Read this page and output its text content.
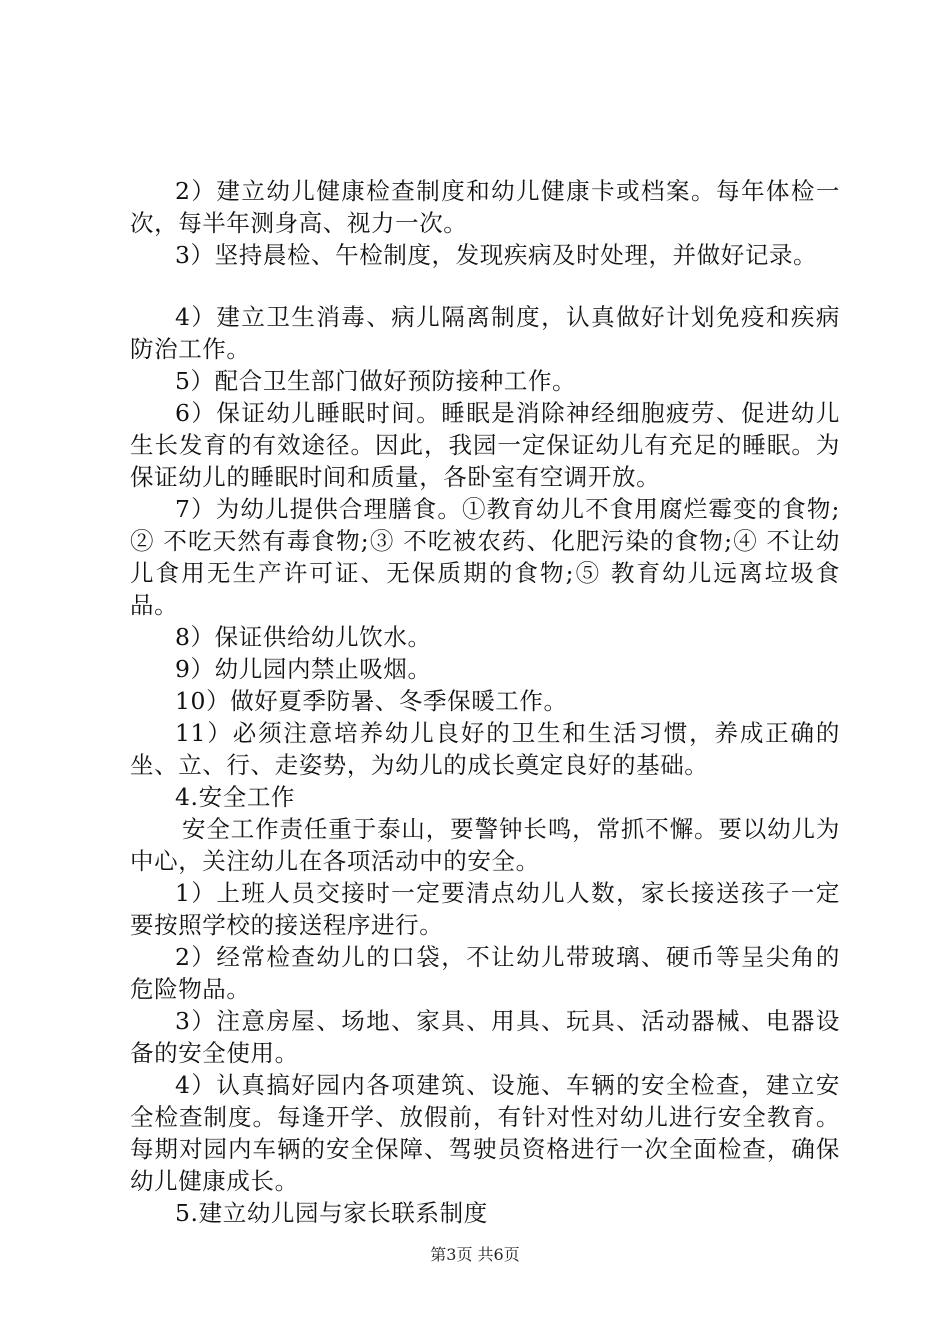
2）建立幼儿健康检查制度和幼儿健康卡或档案。每年体检一次，每半年测身高、视力一次。

3）坚持晨检、午检制度，发现疾病及时处理，并做好记录。

4）建立卫生消毒、病儿隔离制度，认真做好计划免疫和疾病防治工作。

5）配合卫生部门做好预防接种工作。

6）保证幼儿睡眠时间。睡眠是消除神经细胞疲劳、促进幼儿生长发育的有效途径。因此，我园一定保证幼儿有充足的睡眠。为保证幼儿的睡眠时间和质量，各卧室有空调开放。

7）为幼儿提供合理膳食。①教育幼儿不食用腐烂霉变的食物;② 不吃天然有毒食物;③ 不吃被农药、化肥污染的食物;④ 不让幼儿食用无生产许可证、无保质期的食物;⑤ 教育幼儿远离垃圾食品。

8）保证供给幼儿饮水。

9）幼儿园内禁止吸烟。

10）做好夏季防暑、冬季保暖工作。

11）必须注意培养幼儿良好的卫生和生活习惯，养成正确的坐、立、行、走姿势，为幼儿的成长奠定良好的基础。

4.安全工作

安全工作责任重于泰山，要警钟长鸣，常抓不懈。要以幼儿为中心，关注幼儿在各项活动中的安全。

1）上班人员交接时一定要清点幼儿人数，家长接送孩子一定要按照学校的接送程序进行。

2）经常检查幼儿的口袋，不让幼儿带玻璃、硬币等呈尖角的危险物品。

3）注意房屋、场地、家具、用具、玩具、活动器械、电器设备的安全使用。

4）认真搞好园内各项建筑、设施、车辆的安全检查，建立安全检查制度。每逢开学、放假前，有针对性对幼儿进行安全教育。每期对园内车辆的安全保障、驾驶员资格进行一次全面检查，确保幼儿健康成长。

5.建立幼儿园与家长联系制度

第3页 共6页
